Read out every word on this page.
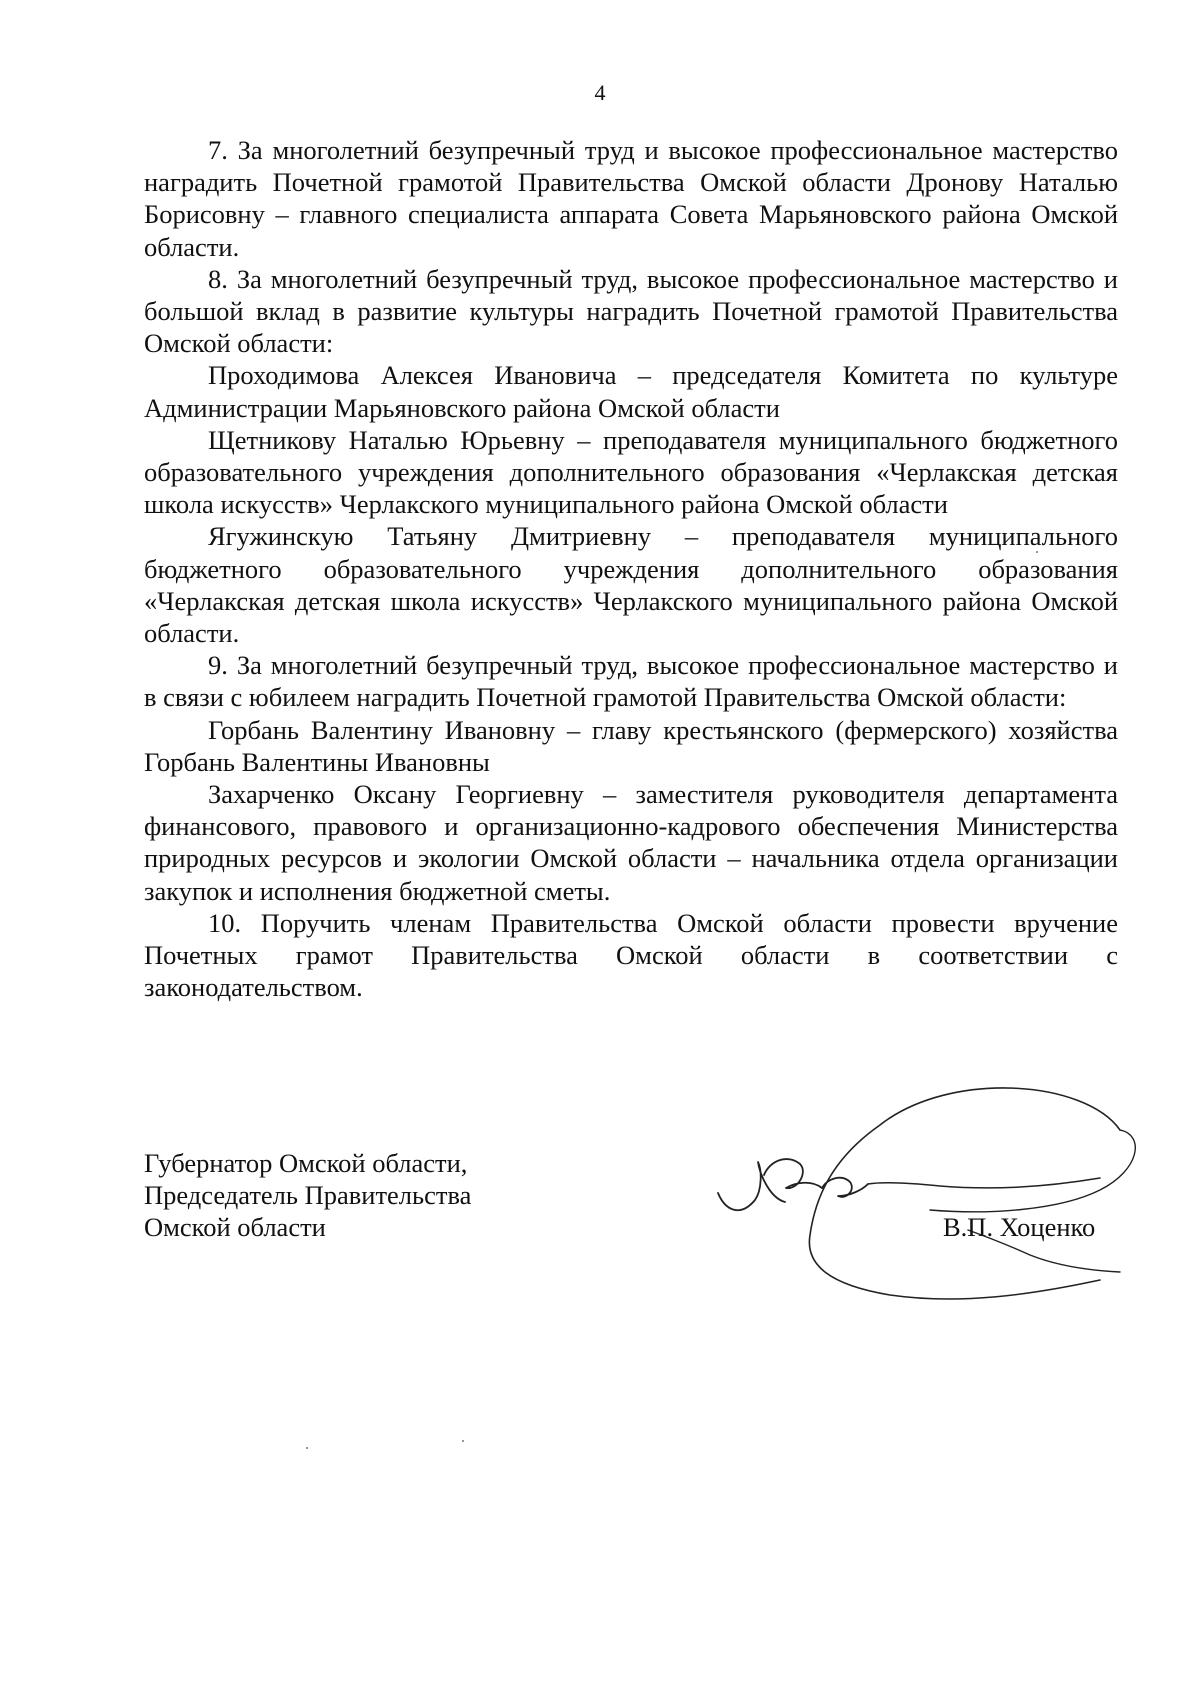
4

7. За многолетний безупречный труд и высокое профессиональное мастерство наградить Почетной грамотой Правительства Омской области Дронову Наталью Борисовну – главного специалиста аппарата Совета Марьяновского района Омской области.

8. За многолетний безупречный труд, высокое профессиональное мастерство и большой вклад в развитие культуры наградить Почетной грамотой Правительства Омской области:

Проходимова Алексея Ивановича – председателя Комитета по культуре Администрации Марьяновского района Омской области

Щетникову Наталью Юрьевну – преподавателя муниципального бюджетного образовательного учреждения дополнительного образования «Черлакская детская школа искусств» Черлакского муниципального района Омской области

Ягужинскую Татьяну Дмитриевну – преподавателя муниципального бюджетного образовательного учреждения дополнительного образования «Черлакская детская школа искусств» Черлакского муниципального района Омской области.

9. За многолетний безупречный труд, высокое профессиональное мастерство и в связи с юбилеем наградить Почетной грамотой Правительства Омской области:

Горбань Валентину Ивановну – главу крестьянского (фермерского) хозяйства Горбань Валентины Ивановны

Захарченко Оксану Георгиевну – заместителя руководителя департамента финансового, правового и организационно-кадрового обеспечения Министерства природных ресурсов и экологии Омской области – начальника отдела организации закупок и исполнения бюджетной сметы.

10. Поручить членам Правительства Омской области провести вручение Почетных грамот Правительства Омской области в соответствии с законодательством.

Губернатор Омской области,
Председатель Правительства
Омской области	В.П. Хоценко
